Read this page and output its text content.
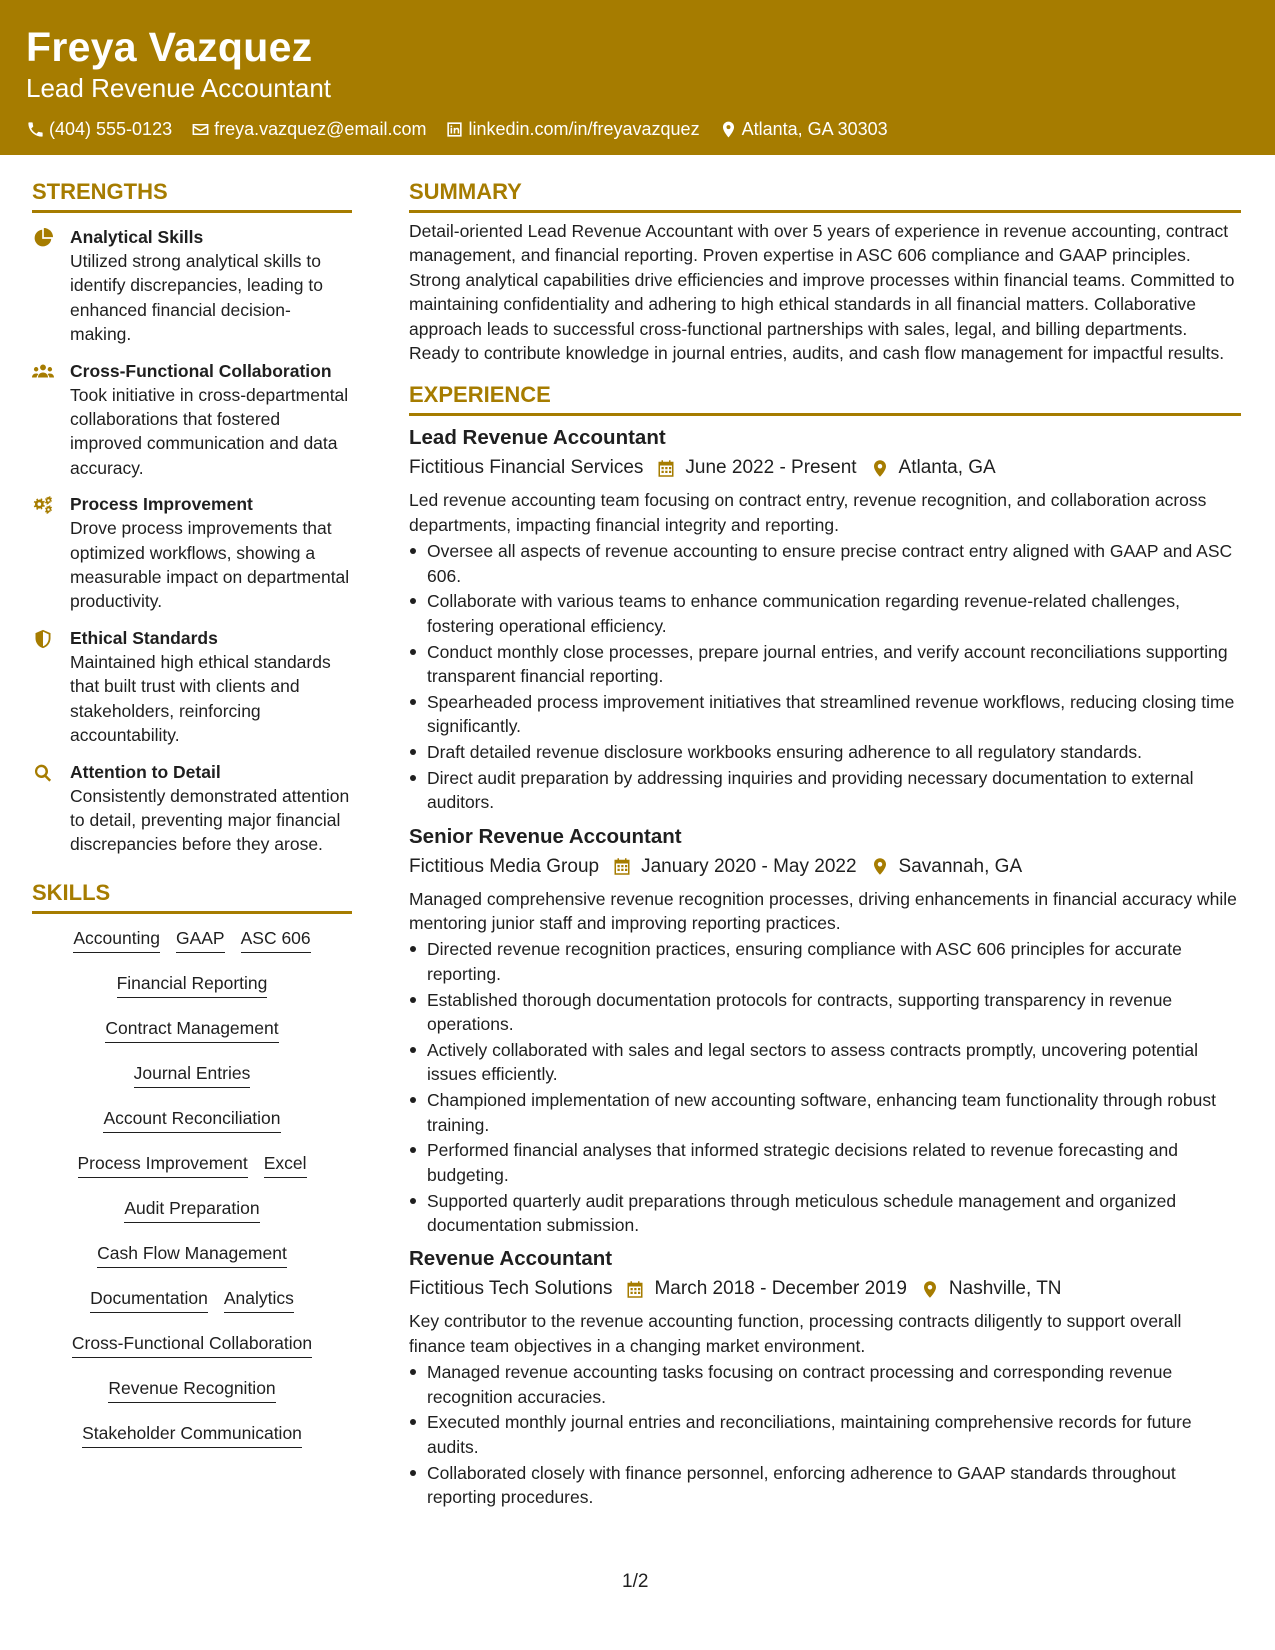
Freya Vazquez
Lead Revenue Accountant
(404) 555-0123 freya.vazquez@email.com linkedin.com/in/freyavazquez Atlanta, GA 30303
STRENGTHS
Analytical Skills
Utilized strong analytical skills to identify discrepancies, leading to enhanced financial decision-making.
Cross-Functional Collaboration
Took initiative in cross-departmental collaborations that fostered improved communication and data accuracy.
Process Improvement
Drove process improvements that optimized workflows, showing a measurable impact on departmental productivity.
Ethical Standards
Maintained high ethical standards that built trust with clients and stakeholders, reinforcing accountability.
Attention to Detail
Consistently demonstrated attention to detail, preventing major financial discrepancies before they arose.
SKILLS
Accounting GAAP ASC 606
Financial Reporting
Contract Management
Journal Entries
Account Reconciliation
Process Improvement Excel
Audit Preparation
Cash Flow Management
Documentation Analytics
Cross-Functional Collaboration
Revenue Recognition
Stakeholder Communication
SUMMARY
Detail-oriented Lead Revenue Accountant with over 5 years of experience in revenue accounting, contract management, and financial reporting. Proven expertise in ASC 606 compliance and GAAP principles. Strong analytical capabilities drive efficiencies and improve processes within financial teams. Committed to maintaining confidentiality and adhering to high ethical standards in all financial matters. Collaborative approach leads to successful cross-functional partnerships with sales, legal, and billing departments. Ready to contribute knowledge in journal entries, audits, and cash flow management for impactful results.
EXPERIENCE
Lead Revenue Accountant
Fictitious Financial Services June 2022 - Present Atlanta, GA
Led revenue accounting team focusing on contract entry, revenue recognition, and collaboration across departments, impacting financial integrity and reporting.
Oversee all aspects of revenue accounting to ensure precise contract entry aligned with GAAP and ASC 606.
Collaborate with various teams to enhance communication regarding revenue-related challenges, fostering operational efficiency.
Conduct monthly close processes, prepare journal entries, and verify account reconciliations supporting transparent financial reporting.
Spearheaded process improvement initiatives that streamlined revenue workflows, reducing closing time significantly.
Draft detailed revenue disclosure workbooks ensuring adherence to all regulatory standards.
Direct audit preparation by addressing inquiries and providing necessary documentation to external auditors.
Senior Revenue Accountant
Fictitious Media Group January 2020 - May 2022 Savannah, GA
Managed comprehensive revenue recognition processes, driving enhancements in financial accuracy while mentoring junior staff and improving reporting practices.
Directed revenue recognition practices, ensuring compliance with ASC 606 principles for accurate reporting.
Established thorough documentation protocols for contracts, supporting transparency in revenue operations.
Actively collaborated with sales and legal sectors to assess contracts promptly, uncovering potential issues efficiently.
Championed implementation of new accounting software, enhancing team functionality through robust training.
Performed financial analyses that informed strategic decisions related to revenue forecasting and budgeting.
Supported quarterly audit preparations through meticulous schedule management and organized documentation submission.
Revenue Accountant
Fictitious Tech Solutions March 2018 - December 2019 Nashville, TN
Key contributor to the revenue accounting function, processing contracts diligently to support overall finance team objectives in a changing market environment.
Managed revenue accounting tasks focusing on contract processing and corresponding revenue recognition accuracies.
Executed monthly journal entries and reconciliations, maintaining comprehensive records for future audits.
Collaborated closely with finance personnel, enforcing adherence to GAAP standards throughout reporting procedures.
1/2
